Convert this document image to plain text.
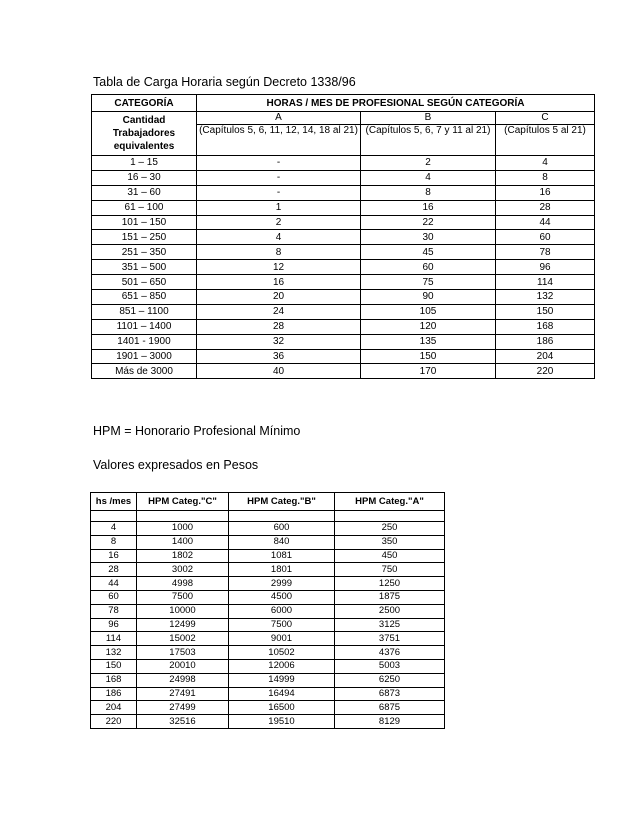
Tabla de Carga Horaria según Decreto 1338/96
CATEGORÍA	HORAS / MES DE PROFESIONAL SEGÚN CATEGORÍA		
Cantidad Trabajadores equivalentes	A	B	C
	(Capítulos 5, 6, 11, 12, 14, 18 al 21)	(Capítulos 5, 6, 7 y 11 al 21)	(Capítulos 5 al 21)
1 – 15	-	2	4
16 – 30	-	4	8
31 – 60	-	8	16
61 – 100	1	16	28
101 – 150	2	22	44
151 – 250	4	30	60
251 – 350	8	45	78
351 – 500	12	60	96
501 – 650	16	75	114
651 – 850	20	90	132
851 – 1100	24	105	150
1101 – 1400	28	120	168
1401 - 1900	32	135	186
1901 – 3000	36	150	204
Más de 3000	40	170	220
HPM = Honorario Profesional Mínimo
Valores expresados en Pesos
hs /mes	HPM Categ."C"	HPM Categ."B"	HPM Categ."A"

4	1000	600	250
8	1400	840	350
16	1802	1081	450
28	3002	1801	750
44	4998	2999	1250
60	7500	4500	1875
78	10000	6000	2500
96	12499	7500	3125
114	15002	9001	3751
132	17503	10502	4376
150	20010	12006	5003
168	24998	14999	6250
186	27491	16494	6873
204	27499	16500	6875
220	32516	19510	8129
